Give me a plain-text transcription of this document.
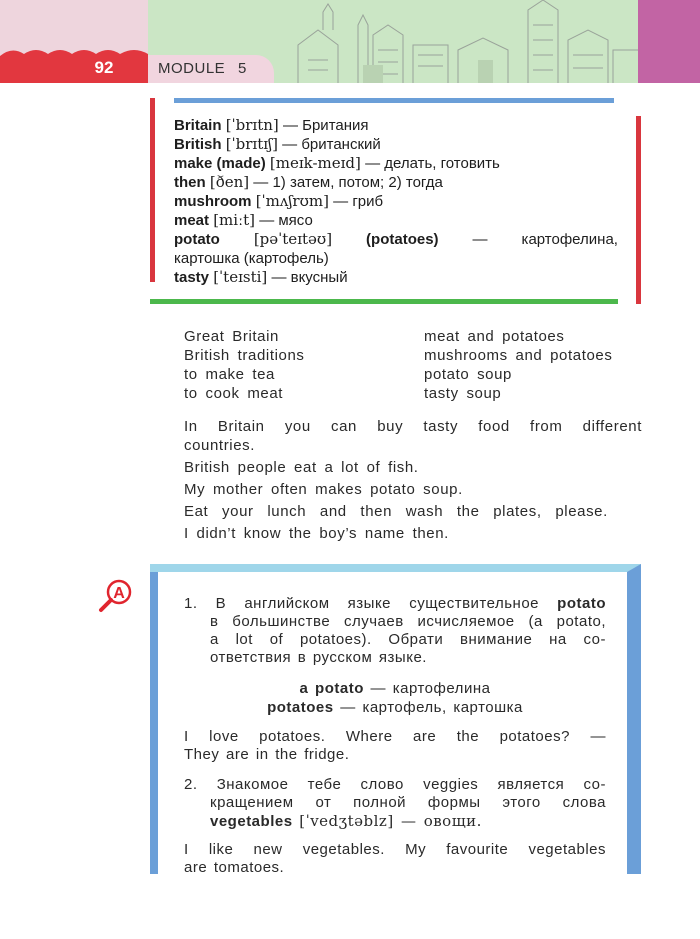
92	MODULE 5
Britain [ˈbrɪtn] — Британия
British [ˈbrɪtɪʃ] — британский
make (made) [meɪk-meɪd] — делать, готовить
then [ðen] — 1) затем, потом; 2) тогда
mushroom [ˈmʌʃrʊm] — гриб
meat [miːt] — мясо
potato [pəˈteɪtəʊ] (potatoes) — картофелина,
картошка (картофель)
tasty [ˈteɪsti] — вкусный
Great Britain
British traditions
to make tea
to cook meat
meat and potatoes
mushrooms and potatoes
potato soup
tasty soup
In Britain you can buy tasty food from different
countries.
British people eat a lot of fish.
My mother often makes potato soup.
Eat your lunch and then wash the plates, please.
I didn’t know the boy’s name then.
A
1. В английском языке существительное potato
в большинстве случаев исчисляемое (a potato,
a lot of potatoes). Обрати внимание на со-
ответствия в русском языке.
a potato — картофелина
potatoes — картофель, картошка
I love potatoes. Where are the potatoes? —
They are in the fridge.
2. Знакомое тебе слово veggies является со-
кращением от полной формы этого слова
vegetables [ˈvedʒtəblz] — овощи.
I like new vegetables. My favourite vegetables
are tomatoes.
